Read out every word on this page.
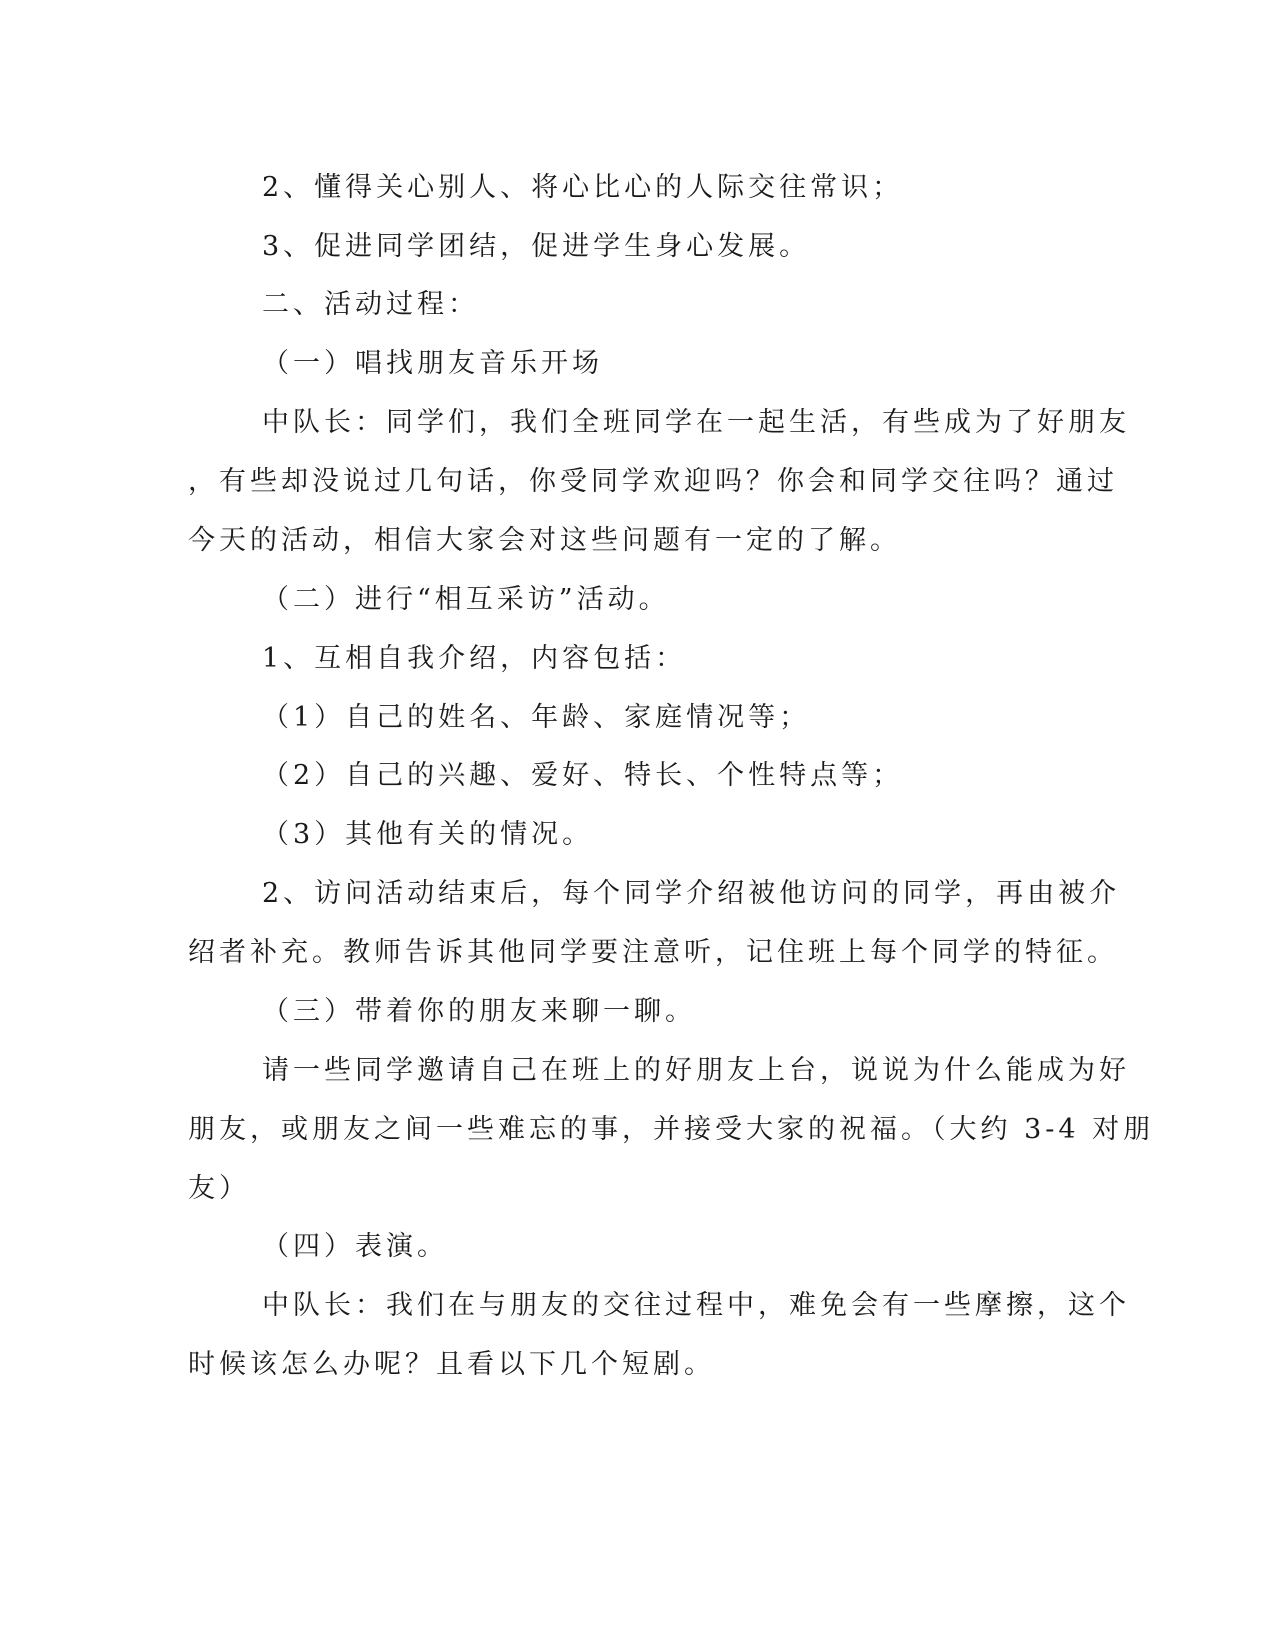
2、懂得关心别人、将心比心的人际交往常识；
3、促进同学团结，促进学生身心发展。
二、活动过程：
（一）唱找朋友音乐开场
中队长：同学们，我们全班同学在一起生活，有些成为了好朋友
，有些却没说过几句话，你受同学欢迎吗？你会和同学交往吗？通过
今天的活动，相信大家会对这些问题有一定的了解。
（二）进行“相互采访”活动。
1、互相自我介绍，内容包括：
（1）自己的姓名、年龄、家庭情况等；
（2）自己的兴趣、爱好、特长、个性特点等；
（3）其他有关的情况。
2、访问活动结束后，每个同学介绍被他访问的同学，再由被介
绍者补充。教师告诉其他同学要注意听，记住班上每个同学的特征。
（三）带着你的朋友来聊一聊。
请一些同学邀请自己在班上的好朋友上台，说说为什么能成为好
朋友，或朋友之间一些难忘的事，并接受大家的祝福。（大约 3-4 对朋
友）
（四）表演。
中队长：我们在与朋友的交往过程中，难免会有一些摩擦，这个
时候该怎么办呢？且看以下几个短剧。
